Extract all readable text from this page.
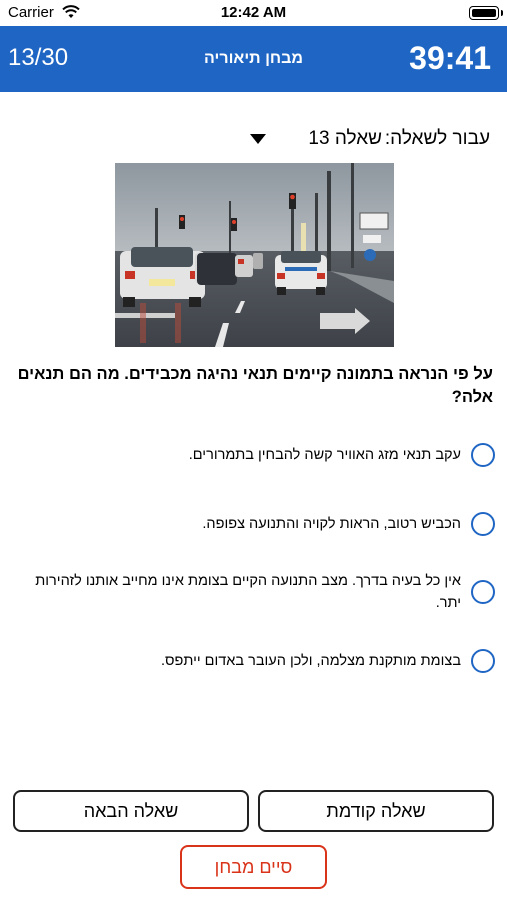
Carrier	12:42 AM
13/30	מבחן תיאוריה	39:41
עבור לשאלה:
שאלה 13
על פי הנראה בתמונה קיימים תנאי נהיגה מכבידים. מה הם תנאים אלה?
עקב תנאי מזג האוויר קשה להבחין בתמרורים.
הכביש רטוב, הראות לקויה והתנועה צפופה.
אין כל בעיה בדרך. מצב התנועה הקיים בצומת אינו מחייב אותנו לזהירות יתר.
בצומת מותקנת מצלמה, ולכן העובר באדום ייתפס.
שאלה הבאה	שאלה קודמת
סיים מבחן
